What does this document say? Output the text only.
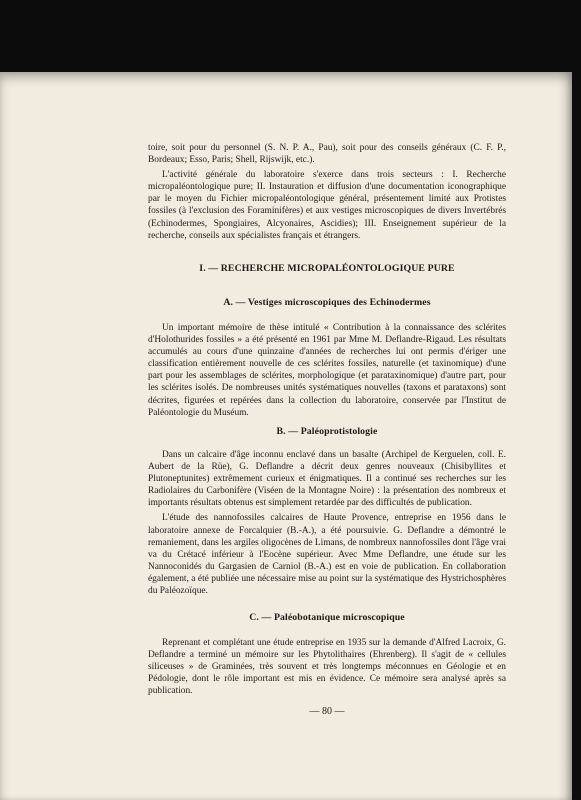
toire, soit pour du personnel (S. N. P. A., Pau), soit pour des conseils généraux (C. F. P., Bordeaux; Esso, Paris; Shell, Rijswijk, etc.).

L'activité générale du laboratoire s'exerce dans trois secteurs : I. Recherche micropaléontologique pure; II. Instauration et diffusion d'une documentation iconographique par le moyen du Fichier micropaléontologique général, présentement limité aux Protistes fossiles (à l'exclusion des Foraminifères) et aux vestiges microscopiques de divers Invertébrés (Echinodermes, Spongiaires, Alcyonaires, Ascidies); III. Enseignement supérieur de la recherche, conseils aux spécialistes français et étrangers.

I. — RECHERCHE MICROPALÉONTOLOGIQUE PURE
A. — Vestiges microscopiques des Echinodermes

Un important mémoire de thèse intitulé « Contribution à la connaissance des sclérites d'Holothurides fossiles » a été présenté en 1961 par Mme M. Deflandre-Rigaud. Les résultats accumulés au cours d'une quinzaine d'années de recherches lui ont permis d'ériger une classification entièrement nouvelle de ces sclérites fossiles, naturelle (et taxinomique) d'une part pour les assemblages de sclérites, morphologique (et parataxinomique) d'autre part, pour les sclérites isolés. De nombreuses unités systématiques nouvelles (taxons et parataxons) sont décrites, figurées et repérées dans la collection du laboratoire, conservée par l'Institut de Paléontologie du Muséum.

B. — Paléoprotistologie

Dans un calcaire d'âge inconnu enclavé dans un basalte (Archipel de Kerguelen, coll. E. Aubert de la Rüe), G. Deflandre a décrit deux genres nouveaux (Chisibyllites et Plutoneptunites) extrêmement curieux et énigmatiques. Il a continué ses recherches sur les Radiolaires du Carbonifère (Viséen de la Montagne Noire) : la présentation des nombreux et importants résultats obtenus est simplement retardée par des difficultés de publication.

L'étude des nannofossiles calcaires de Haute Provence, entreprise en 1956 dans le laboratoire annexe de Forcalquier (B.-A.), a été poursuivie. G. Deflandre a démontré le remaniement, dans les argiles oligocènes de Limans, de nombreux nannofossiles dont l'âge vrai va du Crétacé inférieur à l'Eocène supérieur. Avec Mme Deflandre, une étude sur les Nannoconidés du Gargasien de Carniol (B.-A.) est en voie de publication. En collaboration également, a été publiée une nécessaire mise au point sur la systématique des Hystrichosphères du Paléozoïque.

C. — Paléobotanique microscopique

Reprenant et complétant une étude entreprise en 1935 sur la demande d'Alfred Lacroix, G. Deflandre a terminé un mémoire sur les Phytolithaires (Ehrenberg). Il s'agit de « cellules siliceuses » de Graminées, très souvent et très longtemps méconnues en Géologie et en Pédologie, dont le rôle important est mis en évidence. Ce mémoire sera analysé après sa publication.

— 80 —
